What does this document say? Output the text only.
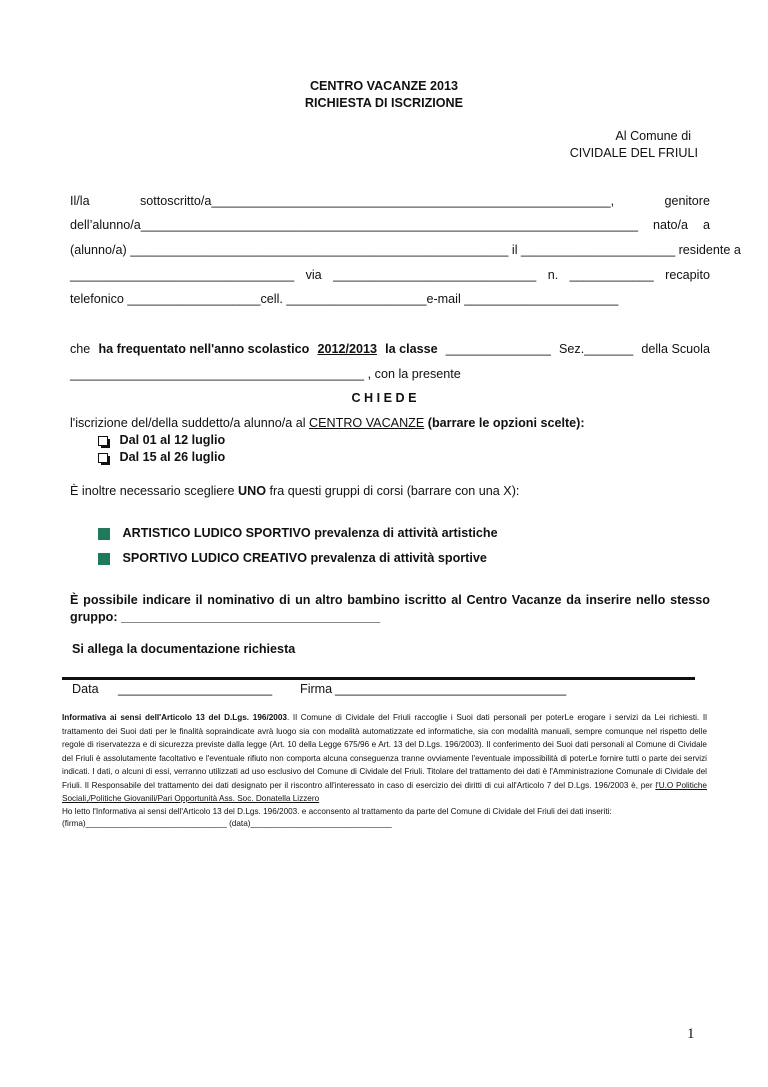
CENTRO VACANZE 2013
RICHIESTA DI ISCRIZIONE
Al Comune di
CIVIDALE DEL FRIULI
Il/la	sottoscritto/a_________________________________________________________,	genitore
dell’alunno/a_______________________________________________________________________ nato/a a
(alunno/a) ______________________________________________________ il ______________________ residente a
________________________________ via _____________________________ n. ____________ recapito
telefonico ___________________cell. ____________________e-mail ______________________
che ha frequentato nell'anno scolastico 2012/2013 la classe _______________ Sez._______ della Scuola
__________________________________________ , con la presente
C H I E D E
l'iscrizione del/della suddetto/a alunno/a al CENTRO VACANZE (barrare le opzioni scelte):
Dal 01 al 12 luglio
Dal 15 al 26 luglio
È inoltre necessario scegliere UNO fra questi gruppi di corsi (barrare con una X):
ARTISTICO LUDICO SPORTIVO prevalenza di attività artistiche
SPORTIVO LUDICO CREATIVO prevalenza di attività sportive
È possibile indicare il nominativo di un altro bambino iscritto al Centro Vacanze da inserire nello stesso
gruppo: _____________________________________
Si allega la documentazione richiesta
Data ______________________ Firma _________________________________
Informativa ai sensi dell'Articolo 13 del D.Lgs. 196/2003. Il Comune di Cividale del Friuli raccoglie i Suoi dati personali per poterLe erogare i servizi da Lei richiesti. Il trattamento dei Suoi dati per le finalità sopraindicate avrà luogo sia con modalità automatizzate ed informatiche, sia con modalità manuali, sempre comunque nel rispetto delle regole di riservatezza e di sicurezza previste dalla legge (Art. 10 della Legge 675/96 e Art. 13 del D.Lgs. 196/2003). Il conferimento dei Suoi dati personali al Comune di Cividale del Friuli è assolutamente facoltativo e l'eventuale rifiuto non comporta alcuna conseguenza tranne ovviamente l'eventuale impossibilità di poterLe fornire tutti o parte dei servizi indicati. I dati, o alcuni di essi, verranno utilizzati ad uso esclusivo del Comune di Cividale del Friuli. Titolare del trattamento dei dati è l'Amministrazione Comunale di Cividale del Friuli. Il Responsabile del trattamento dei dati designato per il riscontro all'interessato in caso di esercizio dei diritti di cui all'Articolo 7 del D.Lgs. 196/2003 è, per l'U.O Politiche Sociali,/Politiche Giovanili/Pari Opportunità Ass. Soc. Donatella Lizzero
Ho letto l'Informativa ai sensi dell'Articolo 13 del D.Lgs. 196/2003. e acconsento al trattamento da parte del Comune di Cividale del Friuli dei dati inseriti:
(firma)_______________________________ (data)_______________________________
1
